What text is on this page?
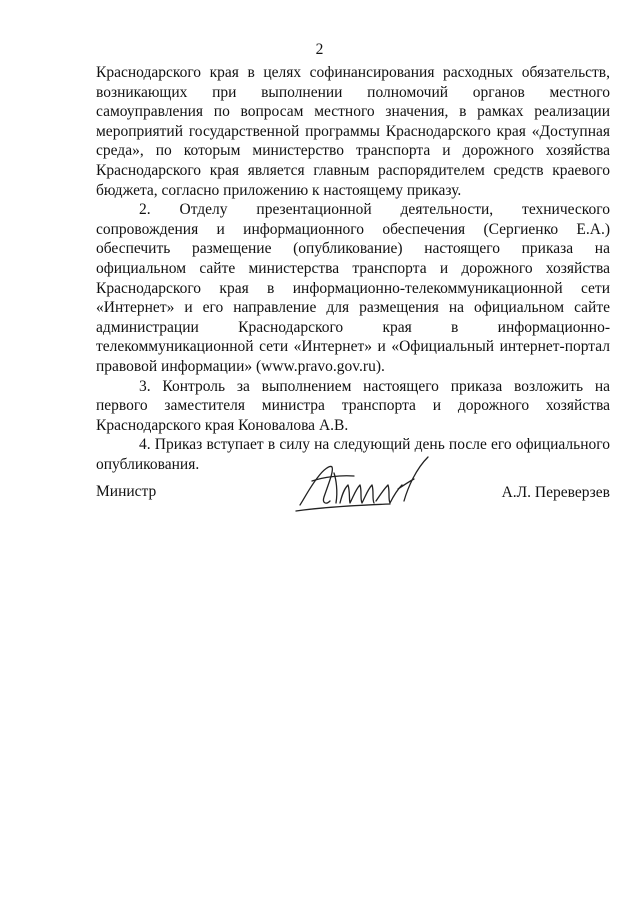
2

Краснодарского края в целях софинансирования расходных обязательств, возникающих при выполнении полномочий органов местного самоуправления по вопросам местного значения, в рамках реализации мероприятий государственной программы Краснодарского края «Доступная среда», по которым министерство транспорта и дорожного хозяйства Краснодарского края является главным распорядителем средств краевого бюджета, согласно приложению к настоящему приказу.

2. Отделу презентационной деятельности, технического сопровождения и информационного обеспечения (Сергиенко Е.А.) обеспечить размещение (опубликование) настоящего приказа на официальном сайте министерства транспорта и дорожного хозяйства Краснодарского края в информационно-телекоммуникационной сети «Интернет» и его направление для размещения на официальном сайте администрации Краснодарского края в информационно-телекоммуникационной сети «Интернет» и «Официальный интернет-портал правовой информации» (www.pravo.gov.ru).

3. Контроль за выполнением настоящего приказа возложить на первого заместителя министра транспорта и дорожного хозяйства Краснодарского края Коновалова А.В.

4. Приказ вступает в силу на следующий день после его официального опубликования.

Министр	А.Л. Переверзев
